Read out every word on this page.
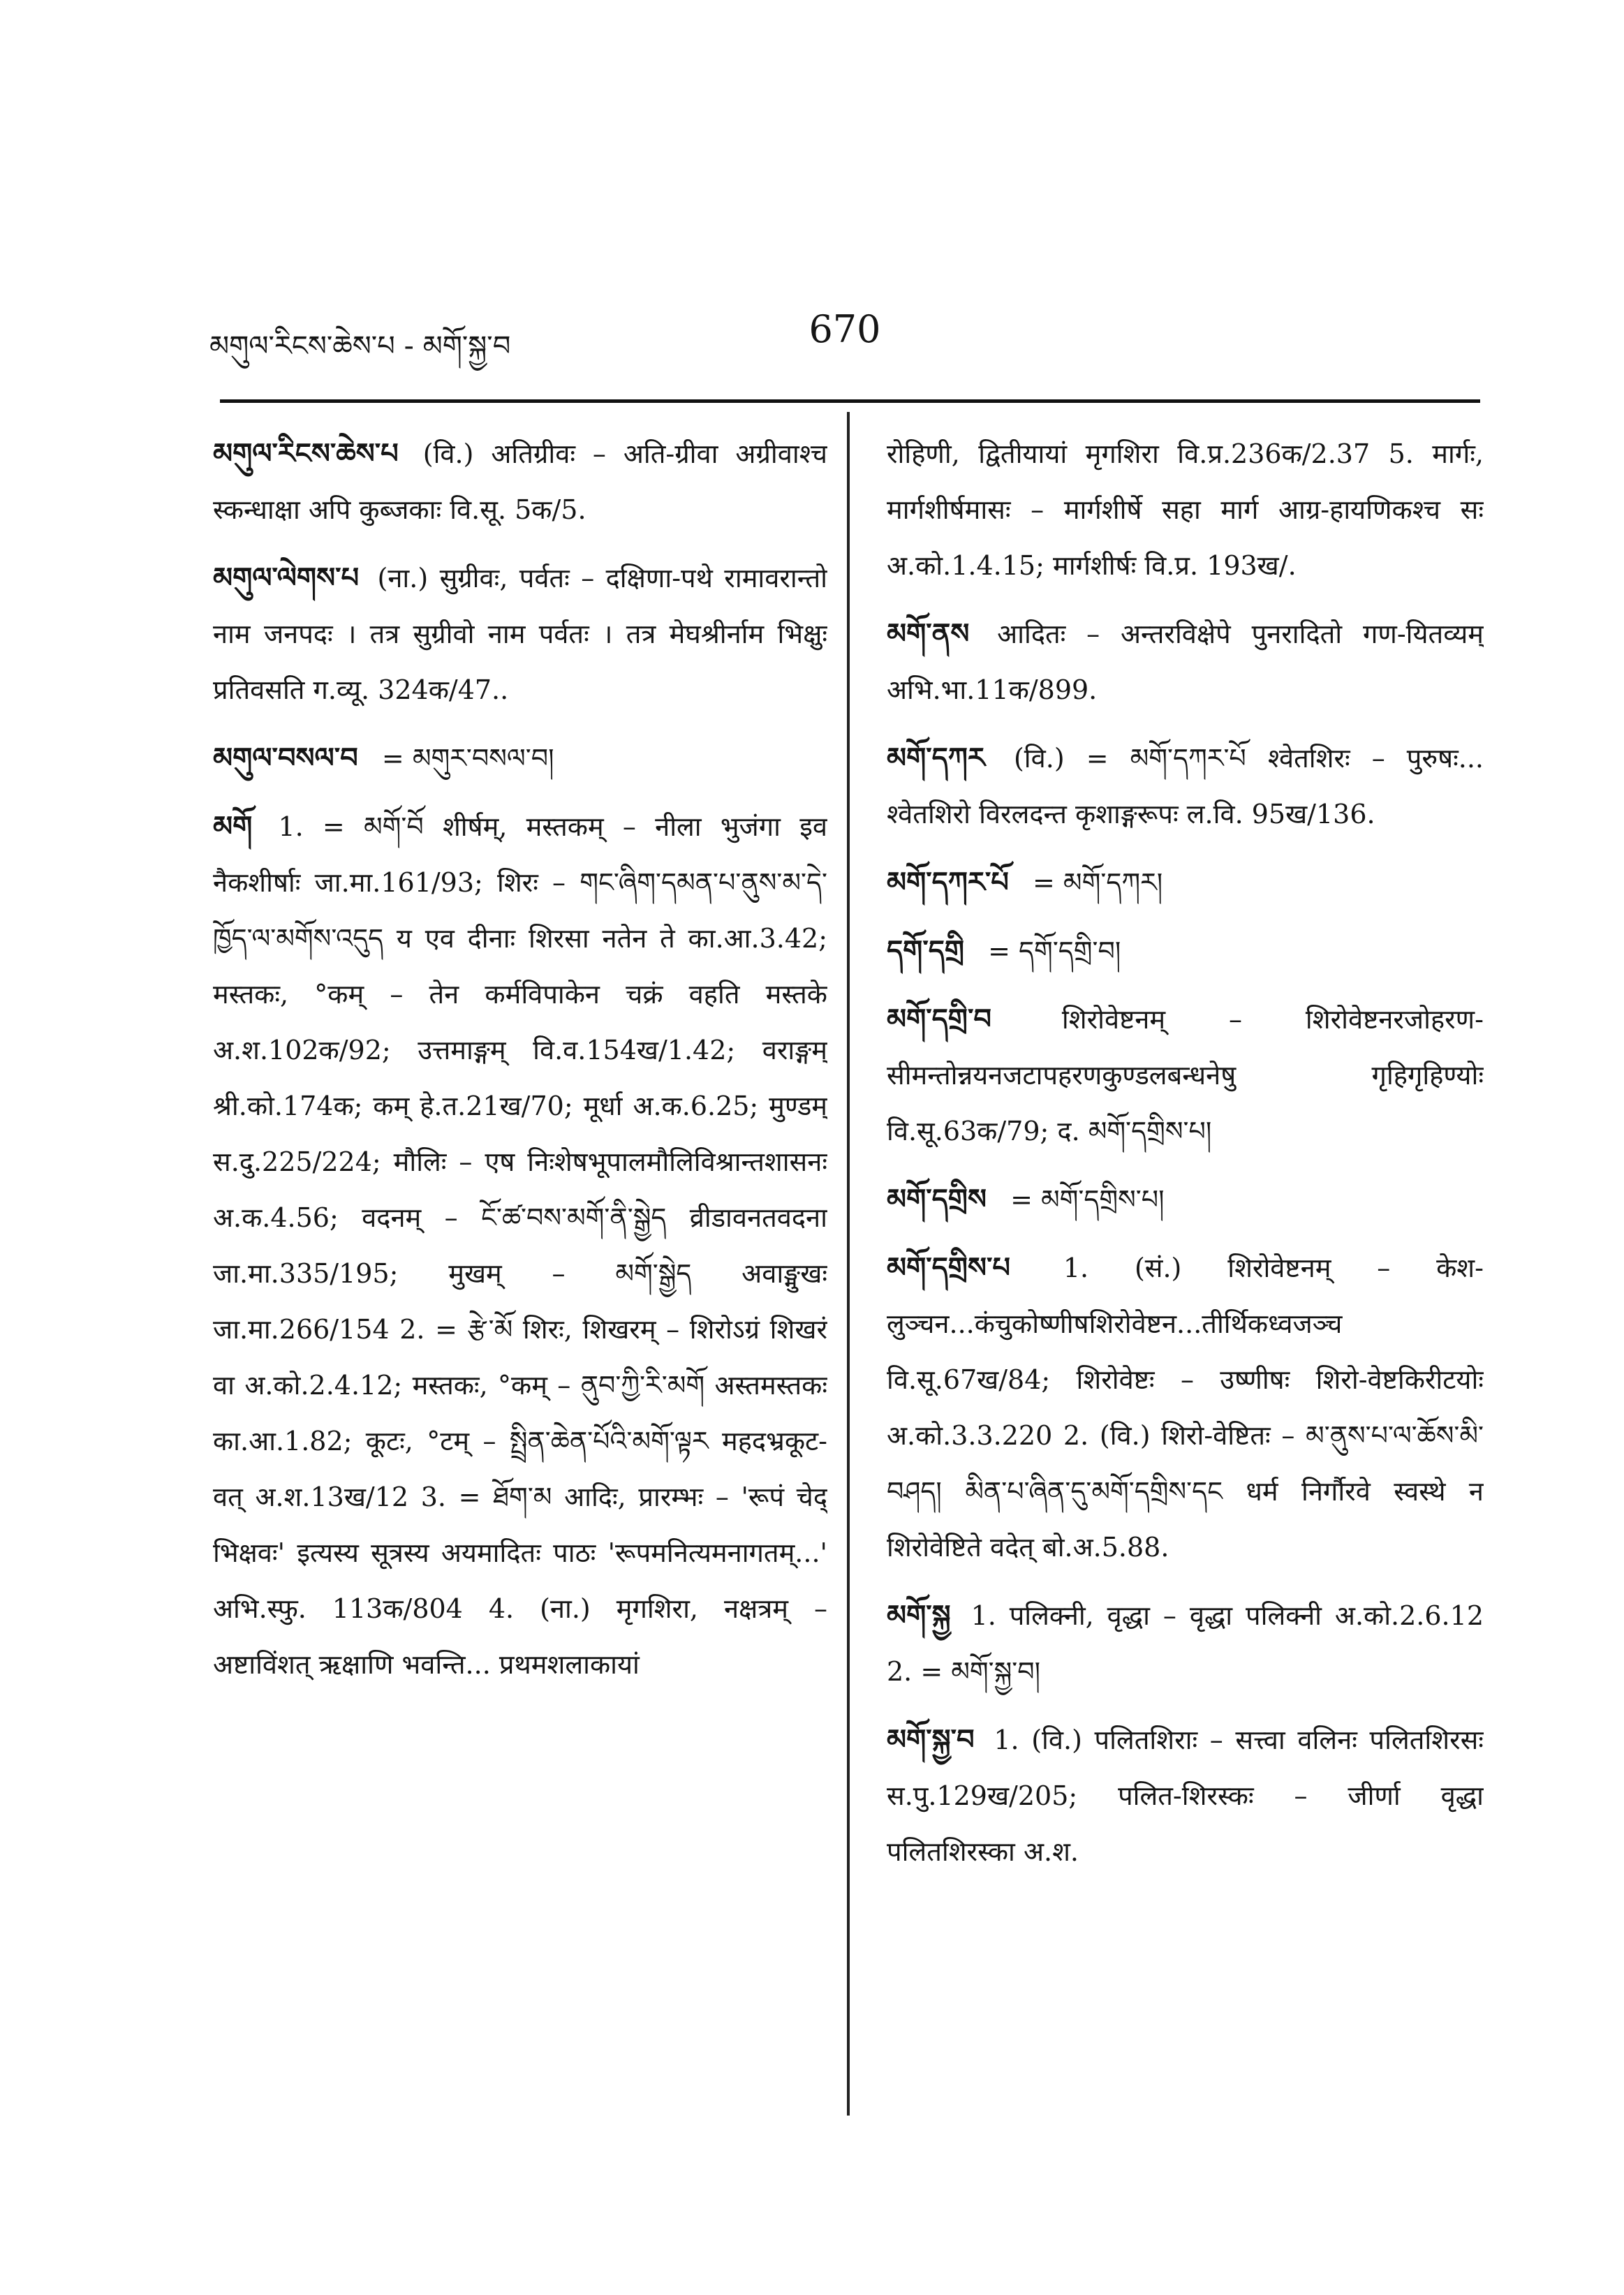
མགུལ་རིངས་ཆེས་པ - མགོ་སྐྱ་བ	670

མགུལ་རིངས་ཆེས་པ (वि.) अतिग्रीवः – अति-ग्रीवा अग्रीवाश्च स्कन्धाक्षा अपि कुब्जकाः वि.सू. 5क/5.

མགུལ་ལེགས་པ (ना.) सुग्रीवः, पर्वतः – दक्षिणा-पथे रामावरान्तो नाम जनपदः । तत्र सुग्रीवो नाम पर्वतः । तत्र मेघश्रीर्नाम भिक्षुः प्रतिवसति ग.व्यू. 324क/47..

མགུལ་བསལ་བ = མགུར་བསལ་བ།

མགོ 1. = མགོ་བོ शीर्षम्, मस्तकम् – नीला भुजंगा इव नैकशीर्षाः जा.मा.161/93; शिरः – གང་ཞིག་དམན་པ་ནུས་མ་དེ་ཁྱོད་ལ་མགོས་འདུད य एव दीनाः शिरसा नतेन ते का.आ.3.42; मस्तकः, °कम् – तेन कर्मविपाकेन चक्रं वहति मस्तके अ.श.102क/92; उत्तमाङ्गम् वि.व.154ख/1.42; वराङ्गम् श्री.को.174क; कम् हे.त.21ख/70; मूर्धा अ.क.6.25; मुण्डम् स.दु.225/224; मौलिः – एष निःशेषभूपालमौलिविश्रान्तशासनः अ.क.4.56; वदनम् – ངོ་ཚ་བས་མགོ་ནི་སྒྱེད व्रीडावनतवदना जा.मा.335/195; मुखम् – མགོ་སྒྱེད अवाङ्मुखः जा.मा.266/154 2. = རྩེ་མོ शिरः, शिखरम् – शिरोऽग्रं शिखरं वा अ.को.2.4.12; मस्तकः, °कम् – ནུབ་ཀྱི་རི་མགོ अस्तमस्तकः का.आ.1.82; कूटः, °टम् – སྤྲིན་ཆེན་པོའི་མགོ་ལྟར महदभ्रकूट-वत् अ.श.13ख/12 3. = ཐོག་མ आदिः, प्रारम्भः – 'रूपं चेद् भिक्षवः' इत्यस्य सूत्रस्य अयमादितः पाठः 'रूपमनित्यमनागतम्...' अभि.स्फु. 113क/804 4. (ना.) मृगशिरा, नक्षत्रम् – अष्टाविंशत् ऋक्षाणि भवन्ति... प्रथमशलाकायां

रोहिणी, द्वितीयायां मृगशिरा वि.प्र.236क/2.37 5. मार्गः, मार्गशीर्षमासः – मार्गशीर्षे सहा मार्ग आग्र-हायणिकश्च सः अ.को.1.4.15; मार्गशीर्षः वि.प्र. 193ख/.

མགོ་ནས आदितः – अन्तरविक्षेपे पुनरादितो गण-यितव्यम् अभि.भा.11क/899.

མགོ་དཀར (वि.) = མགོ་དཀར་པོ श्वेतशिरः – पुरुषः... श्वेतशिरो विरलदन्त कृशाङ्गरूपः ल.वि. 95ख/136.

མགོ་དཀར་པོ = མགོ་དཀར།

དགོ་དགྲི = དགོ་དགྲི་བ།

མགོ་དགྲི་བ	शिरोवेष्टनम् – शिरोवेष्टनरजोहरण-सीमन्तोन्नयनजटापहरणकुण्डलबन्धनेषु गृहिगृहिण्योः वि.सू.63क/79; द. མགོ་དགྲིས་པ།

མགོ་དགྲིས = མགོ་དགྲིས་པ།

མགོ་དགྲིས་པ 1. (सं.) शिरोवेष्टनम् – केश-लुञ्चन...कंचुकोष्णीषशिरोवेष्टन...तीर्थिकध्वजञ्च वि.सू.67ख/84; शिरोवेष्टः – उष्णीषः शिरो-वेष्टकिरीटयोः अ.को.3.3.220 2. (वि.) शिरो-वेष्टितः – མ་ནུས་པ་ལ་ཆོས་མི་བཤད། མིན་པ་ཞིན་དུ་མགོ་དགྲིས་དང धर्म निर्गौरवे स्वस्थे न शिरोवेष्टिते वदेत् बो.अ.5.88.

མགོ་སྐྱ 1. पलिक्नी, वृद्धा – वृद्धा पलिक्नी अ.को.2.6.12 2. = མགོ་སྐྱ་བ།

མགོ་སྐྱ་བ 1. (वि.) पलितशिराः – सत्त्वा वलिनः पलितशिरसः स.पु.129ख/205; पलित-शिरस्कः – जीर्णा वृद्धा पलितशिरस्का अ.श.
